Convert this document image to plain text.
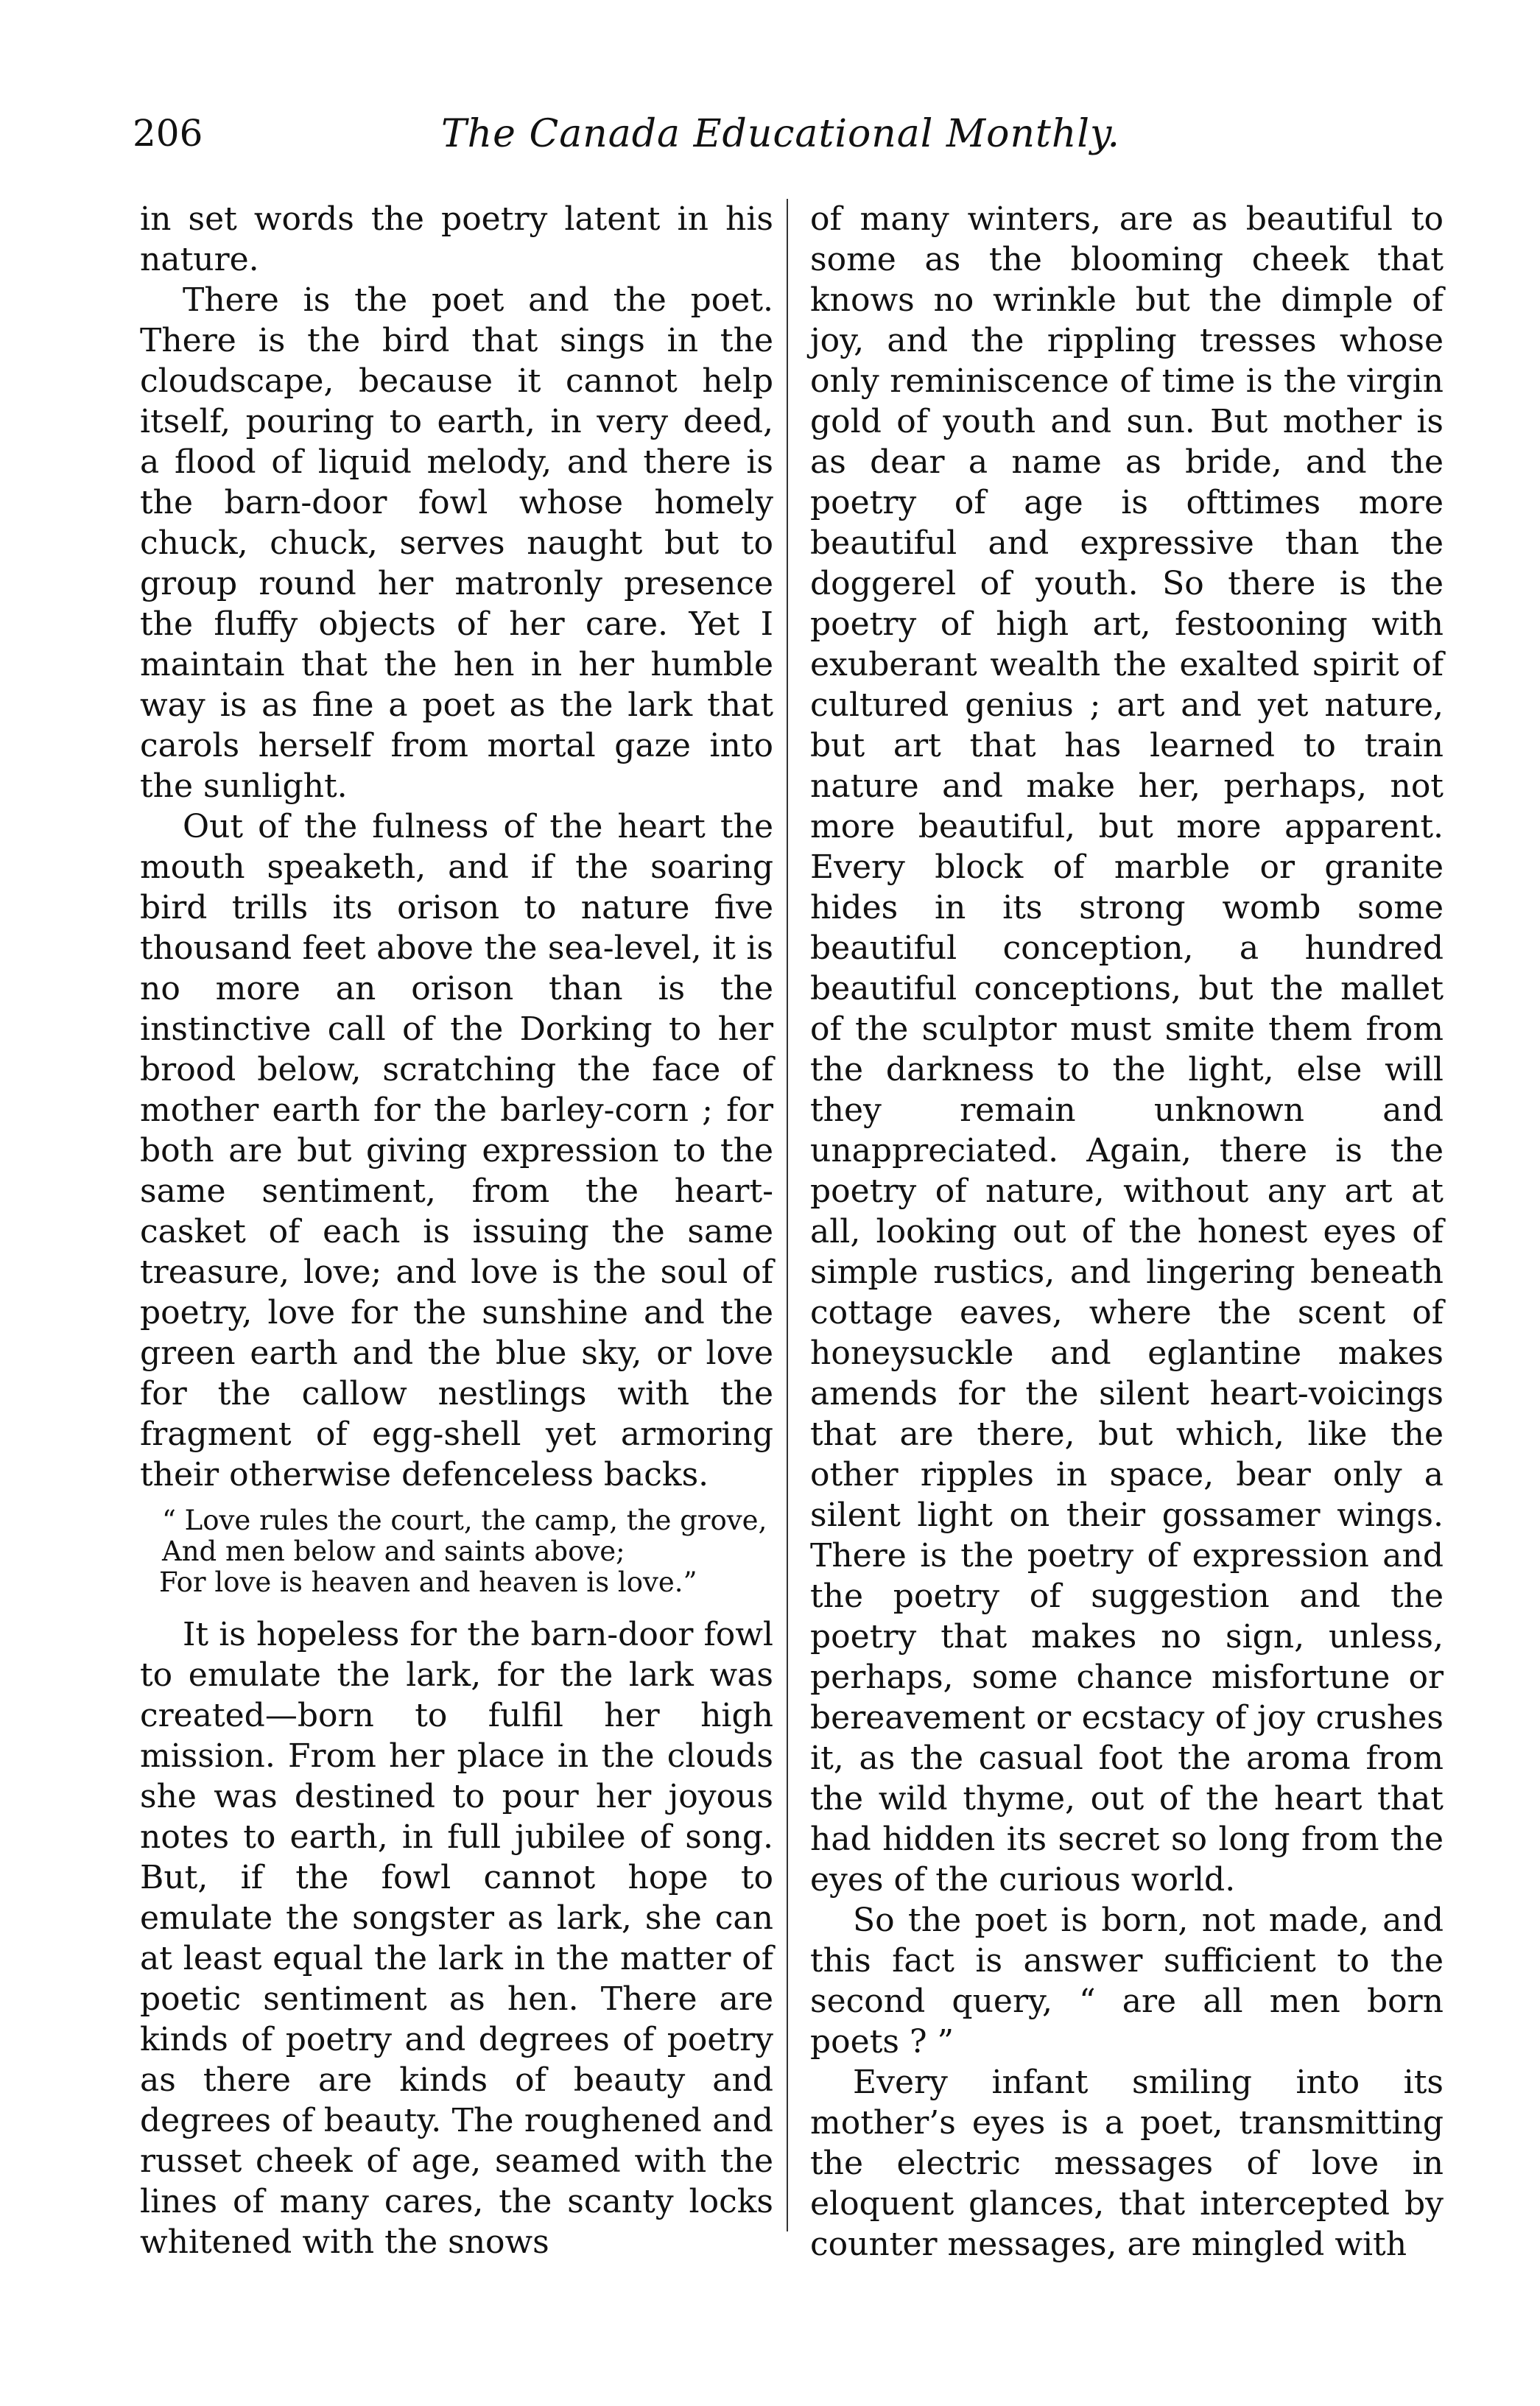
206	The Canada Educational Monthly.

in set words the poetry latent in his nature.

There is the poet and the poet. There is the bird that sings in the cloudscape, because it cannot help itself, pouring to earth, in very deed, a flood of liquid melody, and there is the barn-door fowl whose homely chuck, chuck, serves naught but to group round her matronly presence the fluffy objects of her care. Yet I maintain that the hen in her humble way is as fine a poet as the lark that carols herself from mortal gaze into the sunlight.

Out of the fulness of the heart the mouth speaketh, and if the soaring bird trills its orison to nature five thousand feet above the sea-level, it is no more an orison than is the instinctive call of the Dorking to her brood below, scratching the face of mother earth for the barley-corn ; for both are but giving expression to the same sentiment, from the heart-casket of each is issuing the same treasure, love; and love is the soul of poetry, love for the sunshine and the green earth and the blue sky, or love for the callow nestlings with the fragment of egg-shell yet armoring their otherwise defenceless backs.

“ Love rules the court, the camp, the grove,
And men below and saints above;
For love is heaven and heaven is love.”

It is hopeless for the barn-door fowl to emulate the lark, for the lark was created—born to fulfil her high mission. From her place in the clouds she was destined to pour her joyous notes to earth, in full jubilee of song. But, if the fowl cannot hope to emulate the songster as lark, she can at least equal the lark in the matter of poetic sentiment as hen. There are kinds of poetry and degrees of poetry as there are kinds of beauty and degrees of beauty. The roughened and russet cheek of age, seamed with the lines of many cares, the scanty locks whitened with the snows

of many winters, are as beautiful to some as the blooming cheek that knows no wrinkle but the dimple of joy, and the rippling tresses whose only reminiscence of time is the virgin gold of youth and sun. But mother is as dear a name as bride, and the poetry of age is ofttimes more beautiful and expressive than the doggerel of youth. So there is the poetry of high art, festooning with exuberant wealth the exalted spirit of cultured genius ; art and yet nature, but art that has learned to train nature and make her, perhaps, not more beautiful, but more apparent. Every block of marble or granite hides in its strong womb some beautiful conception, a hundred beautiful conceptions, but the mallet of the sculptor must smite them from the darkness to the light, else will they remain unknown and unappreciated. Again, there is the poetry of nature, without any art at all, looking out of the honest eyes of simple rustics, and lingering beneath cottage eaves, where the scent of honeysuckle and eglantine makes amends for the silent heart-voicings that are there, but which, like the other ripples in space, bear only a silent light on their gossamer wings. There is the poetry of expression and the poetry of suggestion and the poetry that makes no sign, unless, perhaps, some chance misfortune or bereavement or ecstacy of joy crushes it, as the casual foot the aroma from the wild thyme, out of the heart that had hidden its secret so long from the eyes of the curious world.

So the poet is born, not made, and this fact is answer sufficient to the second query, “ are all men born poets ? ”

Every infant smiling into its mother’s eyes is a poet, transmitting the electric messages of love in eloquent glances, that intercepted by counter messages, are mingled with
